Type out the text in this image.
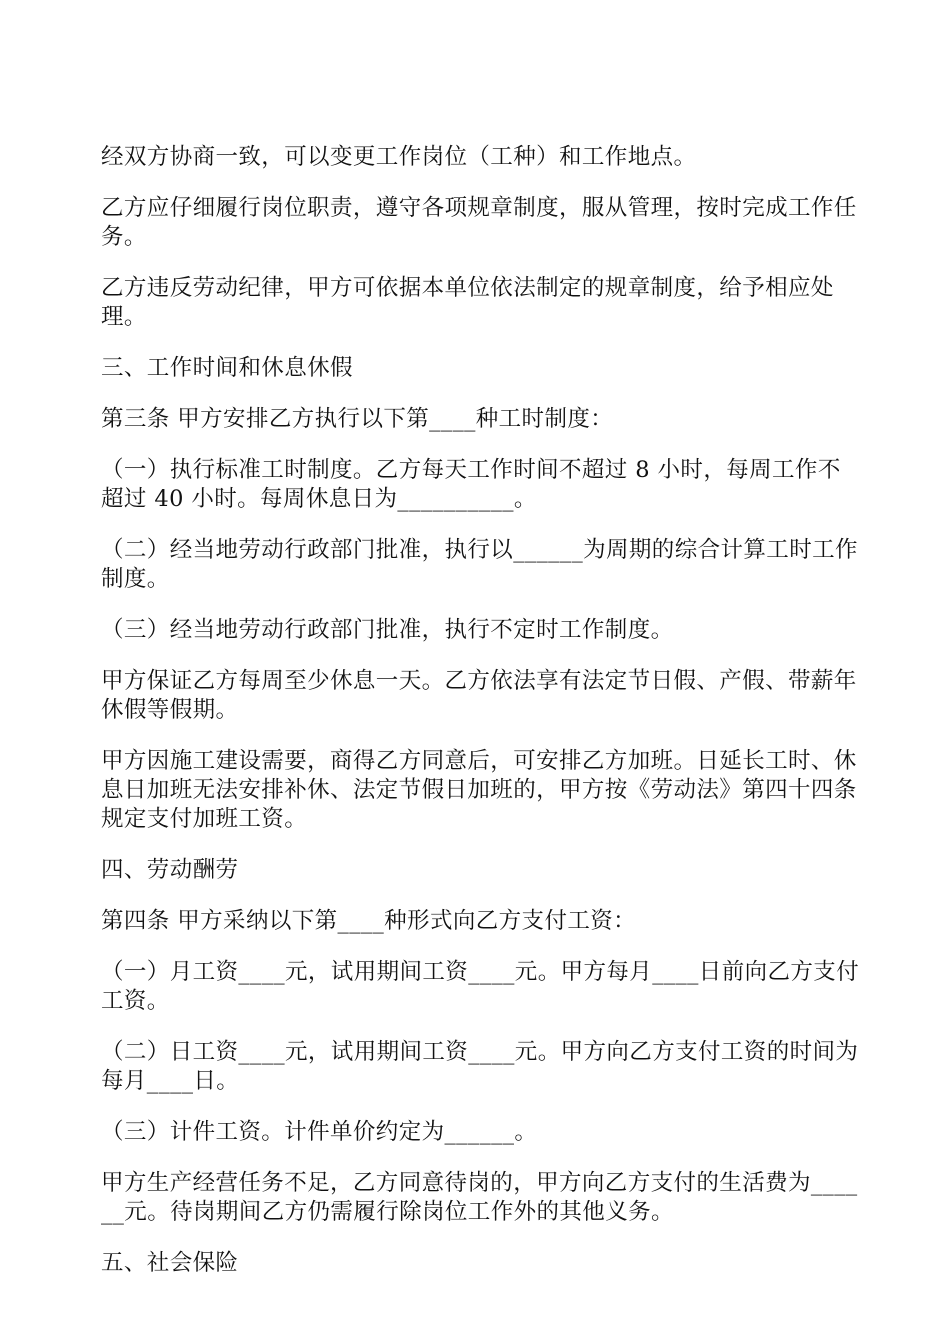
经双方协商一致，可以变更工作岗位（工种）和工作地点。

乙方应仔细履行岗位职责，遵守各项规章制度，服从管理，按时完成工作任务。

乙方违反劳动纪律，甲方可依据本单位依法制定的规章制度，给予相应处理。

三、工作时间和休息休假

第三条 甲方安排乙方执行以下第____种工时制度：

（一）执行标准工时制度。乙方每天工作时间不超过 8 小时，每周工作不超过 40 小时。每周休息日为__________。

（二）经当地劳动行政部门批准，执行以______为周期的综合计算工时工作制度。

（三）经当地劳动行政部门批准，执行不定时工作制度。

甲方保证乙方每周至少休息一天。乙方依法享有法定节日假、产假、带薪年休假等假期。

甲方因施工建设需要，商得乙方同意后，可安排乙方加班。日延长工时、休息日加班无法安排补休、法定节假日加班的，甲方按《劳动法》第四十四条规定支付加班工资。

四、劳动酬劳

第四条 甲方采纳以下第____种形式向乙方支付工资：

（一）月工资____元，试用期间工资____元。甲方每月____日前向乙方支付工资。

（二）日工资____元，试用期间工资____元。甲方向乙方支付工资的时间为每月____日。

（三）计件工资。计件单价约定为______。

甲方生产经营任务不足，乙方同意待岗的，甲方向乙方支付的生活费为______元。待岗期间乙方仍需履行除岗位工作外的其他义务。

五、社会保险
